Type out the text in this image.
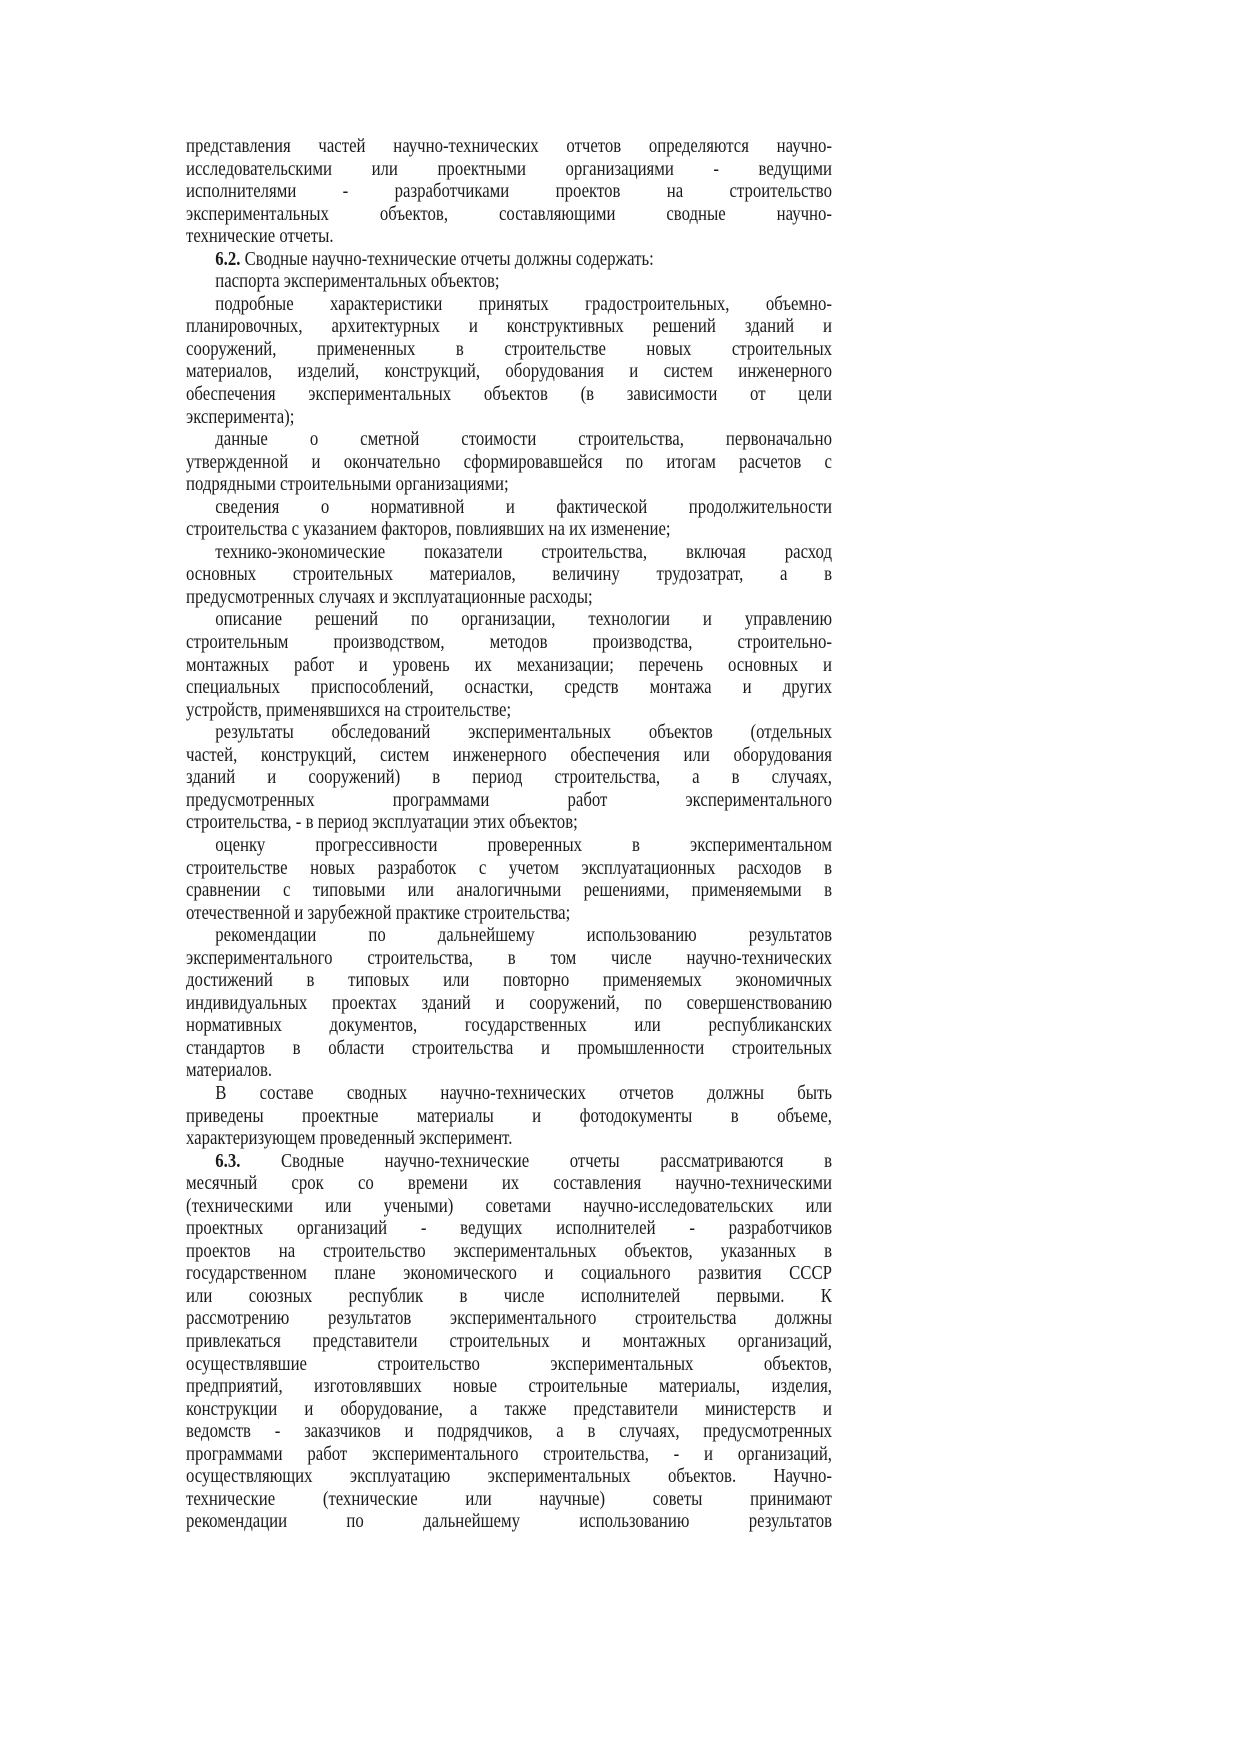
представления частей научно-технических отчетов определяются научно-
исследовательскими или проектными организациями - ведущими
исполнителями - разработчиками проектов на строительство
экспериментальных объектов, составляющими сводные научно-
технические отчеты.
6.2. Сводные научно-технические отчеты должны содержать:
паспорта экспериментальных объектов;
подробные характеристики принятых градостроительных, объемно-
планировочных, архитектурных и конструктивных решений зданий и
сооружений, примененных в строительстве новых строительных
материалов, изделий, конструкций, оборудования и систем инженерного
обеспечения экспериментальных объектов (в зависимости от цели
эксперимента);
данные о сметной стоимости строительства, первоначально
утвержденной и окончательно сформировавшейся по итогам расчетов с
подрядными строительными организациями;
сведения о нормативной и фактической продолжительности
строительства с указанием факторов, повлиявших на их изменение;
технико-экономические показатели строительства, включая расход
основных строительных материалов, величину трудозатрат, а в
предусмотренных случаях и эксплуатационные расходы;
описание решений по организации, технологии и управлению
строительным производством, методов производства, строительно-
монтажных работ и уровень их механизации; перечень основных и
специальных приспособлений, оснастки, средств монтажа и других
устройств, применявшихся на строительстве;
результаты обследований экспериментальных объектов (отдельных
частей, конструкций, систем инженерного обеспечения или оборудования
зданий и сооружений) в период строительства, а в случаях,
предусмотренных программами работ экспериментального
строительства, - в период эксплуатации этих объектов;
оценку прогрессивности проверенных в экспериментальном
строительстве новых разработок с учетом эксплуатационных расходов в
сравнении с типовыми или аналогичными решениями, применяемыми в
отечественной и зарубежной практике строительства;
рекомендации по дальнейшему использованию результатов
экспериментального строительства, в том числе научно-технических
достижений в типовых или повторно применяемых экономичных
индивидуальных проектах зданий и сооружений, по совершенствованию
нормативных документов, государственных или республиканских
стандартов в области строительства и промышленности строительных
материалов.
В составе сводных научно-технических отчетов должны быть
приведены проектные материалы и фотодокументы в объеме,
характеризующем проведенный эксперимент.
6.3. Сводные научно-технические отчеты рассматриваются в
месячный срок со времени их составления научно-техническими
(техническими или учеными) советами научно-исследовательских или
проектных организаций - ведущих исполнителей - разработчиков
проектов на строительство экспериментальных объектов, указанных в
государственном плане экономического и социального развития СССР
или союзных республик в числе исполнителей первыми. К
рассмотрению результатов экспериментального строительства должны
привлекаться представители строительных и монтажных организаций,
осуществлявшие строительство экспериментальных объектов,
предприятий, изготовлявших новые строительные материалы, изделия,
конструкции и оборудование, а также представители министерств и
ведомств - заказчиков и подрядчиков, а в случаях, предусмотренных
программами работ экспериментального строительства, - и организаций,
осуществляющих эксплуатацию экспериментальных объектов. Научно-
технические (технические или научные) советы принимают
рекомендации по дальнейшему использованию результатов
